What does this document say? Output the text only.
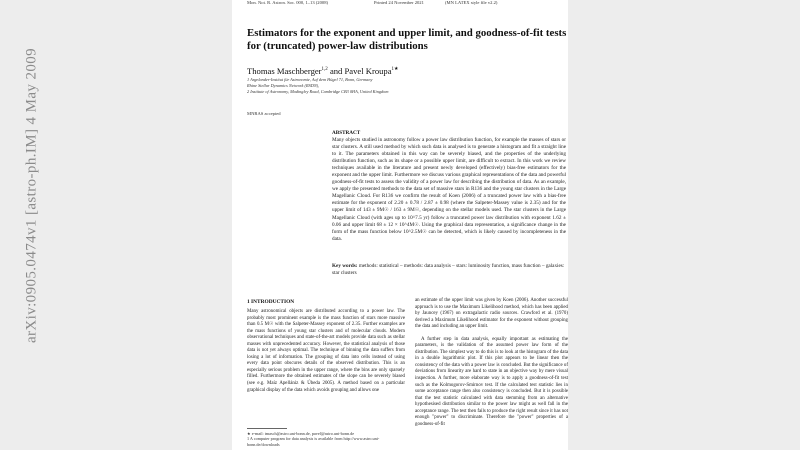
Mon. Not. R. Astron. Soc. 000, 1–13 (2008)	Printed 24 November 2021	(MN LATEX style file v2.2)
Estimators for the exponent and upper limit, and goodness-of-fit tests for (truncated) power-law distributions
Thomas Maschberger$^{1,2}$ and Pavel Kroupa$^{1★}$
1 Argelander-Institut für Astronomie, Auf dem Hügel 71, Bonn, Germany
Rhine Stellar Dynamics Network (RSDN),
2 Institute of Astronomy, Madingley Road, Cambridge CB3 0HA, United Kingdom
MNRAS accepted
ABSTRACT
Many objects studied in astronomy follow a power law distribution function, for example the masses of stars or star clusters. A still used method by which such data is analysed is to generate a histogram and fit a straight line to it. The parameters obtained in this way can be severely biased, and the properties of the underlying distribution function, such as its shape or a possible upper limit, are difficult to extract. In this work we review techniques available in the literature and present newly developed (effectively) bias-free estimators for the exponent and the upper limit. Furthermore we discuss various graphical representations of the data and powerful goodness-of-fit tests to assess the validity of a power law for describing the distribution of data. As an example, we apply the presented methods to the data set of massive stars in R136 and the young star clusters in the Large Magellanic Cloud. For R136 we confirm the result of Koen (2006) of a truncated power law with a bias-free estimate for the exponent of 2.20 ± 0.78 / 2.87 ± 0.98 (where the Salpeter-Massey value is 2.35) and for the upper limit of 143 ± 9M☉ / 163 ± 9M☉, depending on the stellar models used. The star clusters in the Large Magellanic Cloud (with ages up to 10^7.5 yr) follow a truncated power law distribution with exponent 1.62 ± 0.06 and upper limit 68 ± 12 × 10^4M☉. Using the graphical data representation, a significance change in the form of the mass function below 10^2.5M☉ can be detected, which is likely caused by incompleteness in the data.
Key words: methods: statistical – methods: data analysis – stars: luminosity function, mass function – galaxies: star clusters
1 INTRODUCTION
Many astronomical objects are distributed according to a power law. The probably most prominent example is the mass function of stars more massive than 0.5 M☉ with the Salpeter-Massey exponent of 2.35. Further examples are the mass functions of young star clusters and of molecular clouds. Modern observational techniques and state-of-the-art models provide data such as stellar masses with unprecedented accuracy. However, the statistical analysis of those data is not yet always optimal. The technique of binning the data suffers from losing a lot of information. The grouping of data into cells instead of using every data point obscures details of the observed distribution. This is an especially serious problem in the upper range, where the bins are only sparsely filled. Furthermore the obtained estimates of the slope can be severely biased (see e.g. Maíz Apellániz & Úbeda 2005). A method based on a particular graphical display of the data which avoids grouping and allows one

an estimate of the upper limit was given by Koen (2006). Another successful approach is to use the Maximum Likelihood method, which has been applied by Jauncey (1967) on extragalactic radio sources. Crawford et al. (1970) derived a Maximum Likelihood estimator for the exponent without grouping the data and including an upper limit.

A further step in data analysis, equally important as estimating the parameters, is the validation of the assumed power law form of the distribution. The simplest way to do this is to look at the histogram of the data in a double logarithmic plot. If this plot appears to be linear then the consistency of the data with a power law is concluded. But the significance of deviations from linearity are hard to state in an objective way by mere visual inspection. A further, more elaborate way is to apply a goodness-of-fit test such as the Kolmogorov-Smirnov test. If the calculated test statistic lies in some acceptance range then also consistency is concluded. But it is possible that the test statistic calculated with data stemming from an alternative hypothesised distribution similar to the power law might as well fall in the acceptance range. The test then fails to produce the right result since it has not enough "power" to discriminate. Therefore the "power" properties of a goodness-of-fit

★ e-mail: tmasch@astro.uni-bonn.de, pavel@astro.uni-bonn.de
1 A computer program for data analysis is available from http://www.astro.uni-bonn.de/downloads
arXiv:0905.0474v1 [astro-ph.IM] 4 May 2009
